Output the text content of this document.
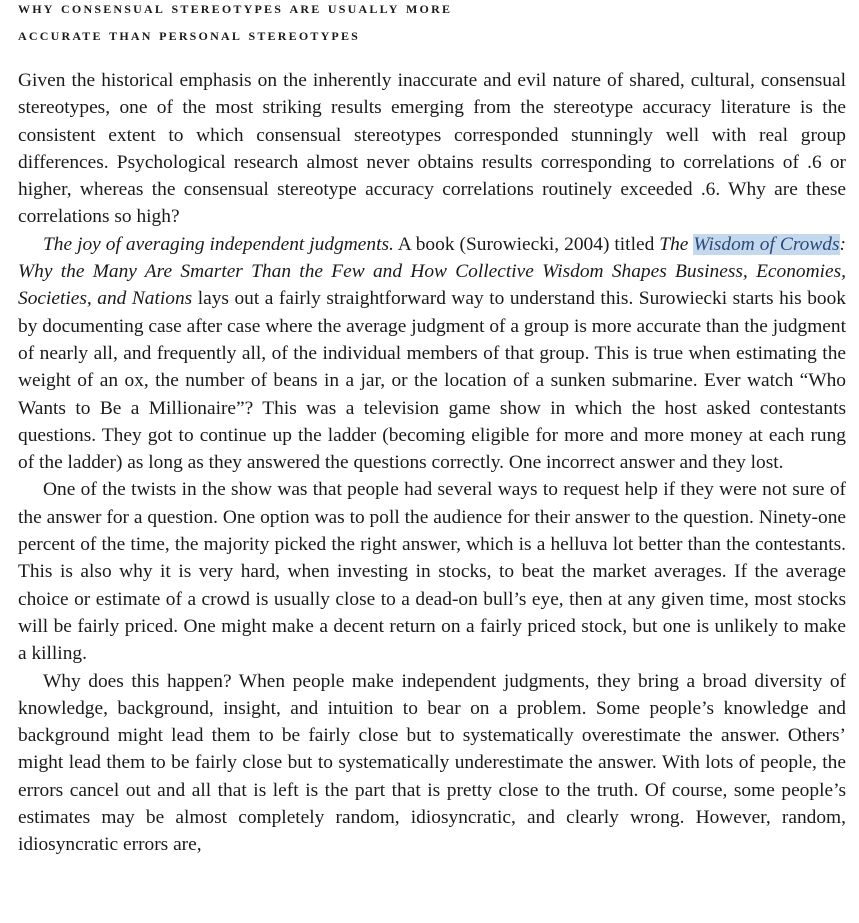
why consensual stereotypes are usually more
accurate than personal stereotypes

Given the historical emphasis on the inherently inaccurate and evil nature of shared, cultural, consensual stereotypes, one of the most striking results emerging from the stereotype accuracy literature is the consistent extent to which consensual stereotypes corresponded stunningly well with real group differences. Psychological research almost never obtains results corresponding to correlations of .6 or higher, whereas the consensual stereotype accuracy correlations routinely exceeded .6. Why are these correlations so high?

The joy of averaging independent judgments. A book (Surowiecki, 2004) titled The Wisdom of Crowds: Why the Many Are Smarter Than the Few and How Collective Wisdom Shapes Business, Economies, Societies, and Nations lays out a fairly straightforward way to understand this. Surowiecki starts his book by documenting case after case where the average judgment of a group is more accurate than the judgment of nearly all, and frequently all, of the individual members of that group. This is true when estimating the weight of an ox, the number of beans in a jar, or the location of a sunken submarine. Ever watch “Who Wants to Be a Millionaire”? This was a television game show in which the host asked contestants questions. They got to continue up the ladder (becoming eligible for more and more money at each rung of the ladder) as long as they answered the questions correctly. One incorrect answer and they lost.

One of the twists in the show was that people had several ways to request help if they were not sure of the answer for a question. One option was to poll the audience for their answer to the question. Ninety-one percent of the time, the majority picked the right answer, which is a helluva lot better than the contestants. This is also why it is very hard, when investing in stocks, to beat the market averages. If the average choice or estimate of a crowd is usually close to a dead-on bull’s eye, then at any given time, most stocks will be fairly priced. One might make a decent return on a fairly priced stock, but one is unlikely to make a killing.

Why does this happen? When people make independent judgments, they bring a broad diversity of knowledge, background, insight, and intuition to bear on a problem. Some people’s knowledge and background might lead them to be fairly close but to systematically overestimate the answer. Others’ might lead them to be fairly close but to systematically underestimate the answer. With lots of people, the errors cancel out and all that is left is the part that is pretty close to the truth. Of course, some people’s estimates may be almost completely random, idiosyncratic, and clearly wrong. However, random, idiosyncratic errors are,
